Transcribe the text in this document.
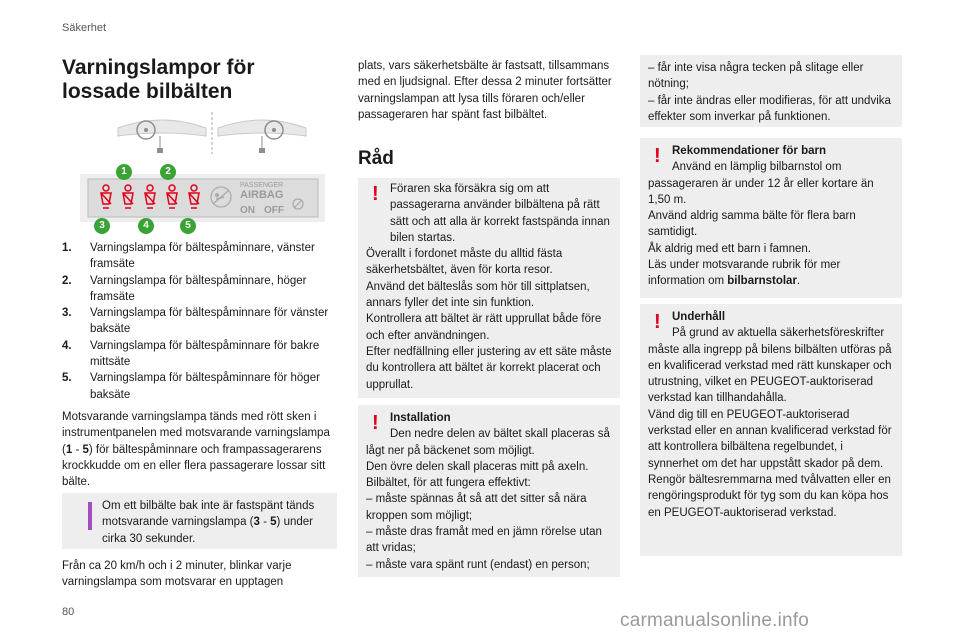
Säkerhet
Varningslampor för lossade bilbälten
PASSENGER
AIRBAG
ON OFF
1	2
3	4	5
1. Varningslampa för bältespåminnare, vänster framsäte
2. Varningslampa för bältespåminnare, höger framsäte
3. Varningslampa för bältespåminnare för vänster baksäte
4. Varningslampa för bältespåminnare för bakre mittsäte
5. Varningslampa för bältespåminnare för höger baksäte

Motsvarande varningslampa tänds med rött sken i instrumentpanelen med motsvarande varningslampa (1 - 5) för bältespåminnare och frampassagerarens krockkudde om en eller flera passagerare lossar sitt bälte.

Om ett bilbälte bak inte är fastspänt tänds motsvarande varningslampa (3 - 5) under cirka 30 sekunder.

Från ca 20 km/h och i 2 minuter, blinkar varje varningslampa som motsvarar en upptagen

plats, vars säkerhetsbälte är fastsatt, tillsammans med en ljudsignal. Efter dessa 2 minuter fortsätter varningslampan att lysa tills föraren och/eller passageraren har spänt fast bilbältet.

Råd
! Föraren ska försäkra sig om att passagerarna använder bilbältena på rätt sätt och att alla är korrekt fastspända innan bilen startas.

Överallt i fordonet måste du alltid fästa säkerhetsbältet, även för korta resor.

Använd det bälteslås som hör till sittplatsen, annars fyller det inte sin funktion.

Kontrollera att bältet är rätt upprullat både före och efter användningen.

Efter nedfällning eller justering av ett säte måste du kontrollera att bältet är korrekt placerat och upprullat.

! Installation

Den nedre delen av bältet skall placeras så lågt ner på bäckenet som möjligt.

Den övre delen skall placeras mitt på axeln.

Bilbältet, för att fungera effektivt:

– måste spännas åt så att det sitter så nära kroppen som möjligt;

– måste dras framåt med en jämn rörelse utan att vridas;

– måste vara spänt runt (endast) en person;

– får inte visa några tecken på slitage eller nötning;

– får inte ändras eller modifieras, för att undvika effekter som inverkar på funktionen.

! Rekommendationer för barn

Använd en lämplig bilbarnstol om passageraren är under 12 år eller kortare än 1,50 m.

Använd aldrig samma bälte för flera barn samtidigt.

Åk aldrig med ett barn i famnen.

Läs under motsvarande rubrik för mer information om bilbarnstolar.

! Underhåll

På grund av aktuella säkerhetsföreskrifter måste alla ingrepp på bilens bilbälten utföras på en kvalificerad verkstad med rätt kunskaper och utrustning, vilket en PEUGEOT-auktoriserad verkstad kan tillhandahålla.

Vänd dig till en PEUGEOT-auktoriserad verkstad eller en annan kvalificerad verkstad för att kontrollera bilbältena regelbundet, i synnerhet om det har uppstått skador på dem.

Rengör bältesremmarna med tvålvatten eller en rengöringsprodukt för tyg som du kan köpa hos en PEUGEOT-auktoriserad verkstad.

80	carmanualsonline.info
